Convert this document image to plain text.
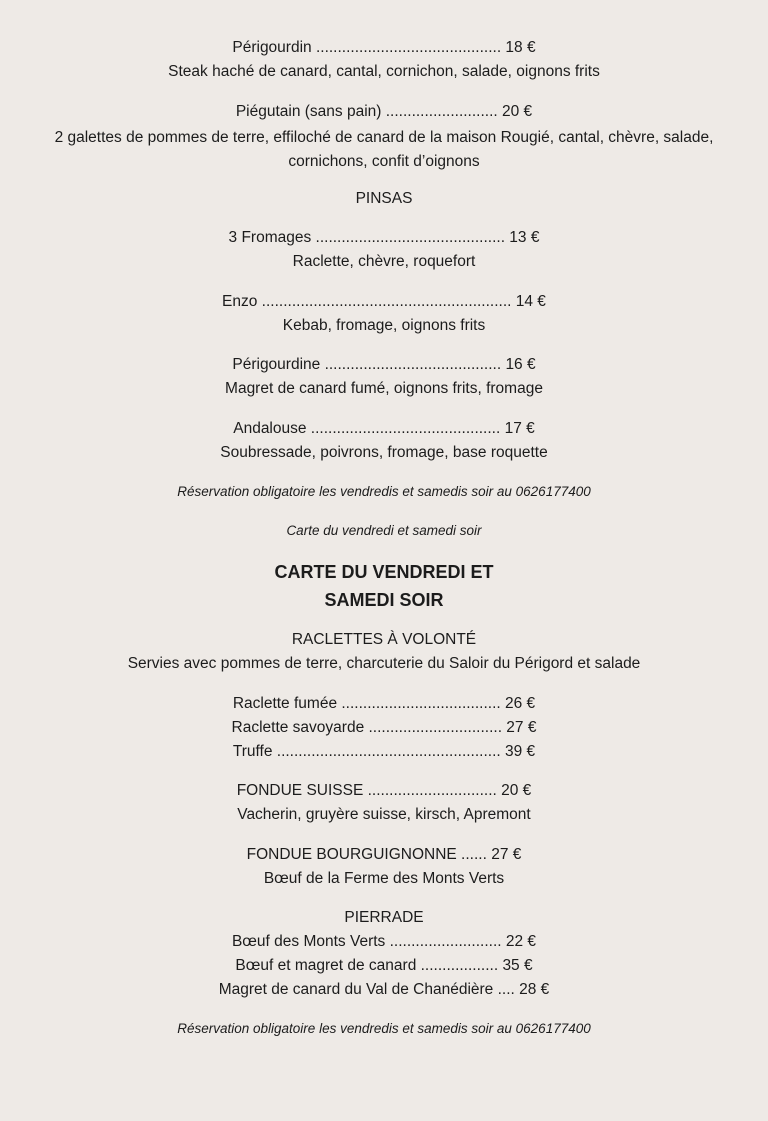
Périgourdin ........................................... 18 €

Steak haché de canard, cantal, cornichon, salade, oignons frits

Piégutain (sans pain) .......................... 20 €

2 galettes de pommes de terre, effiloché de canard de la maison Rougié, cantal, chèvre, salade, cornichons, confit d’oignons

PINSAS

3 Fromages ............................................ 13 €

Raclette, chèvre, roquefort

Enzo .......................................................... 14 €

Kebab, fromage, oignons frits

Périgourdine ......................................... 16 €

Magret de canard fumé, oignons frits, fromage

Andalouse ............................................ 17 €

Soubressade, poivrons, fromage, base roquette

Réservation obligatoire les vendredis et samedis soir au 0626177400

Carte du vendredi et samedi soir

CARTE DU VENDREDI ET

SAMEDI SOIR

RACLETTES À VOLONTÉ

Servies avec pommes de terre, charcuterie du Saloir du Périgord et salade

Raclette fumée ..................................... 26 €

Raclette savoyarde ............................... 27 €

Truffe .................................................... 39 €

FONDUE SUISSE .............................. 20 €

Vacherin, gruyère suisse, kirsch, Apremont

FONDUE BOURGUIGNONNE ...... 27 €

Bœuf de la Ferme des Monts Verts

PIERRADE

Bœuf des Monts Verts .......................... 22 €

Bœuf et magret de canard .................. 35 €

Magret de canard du Val de Chanédière .... 28 €

Réservation obligatoire les vendredis et samedis soir au 0626177400
